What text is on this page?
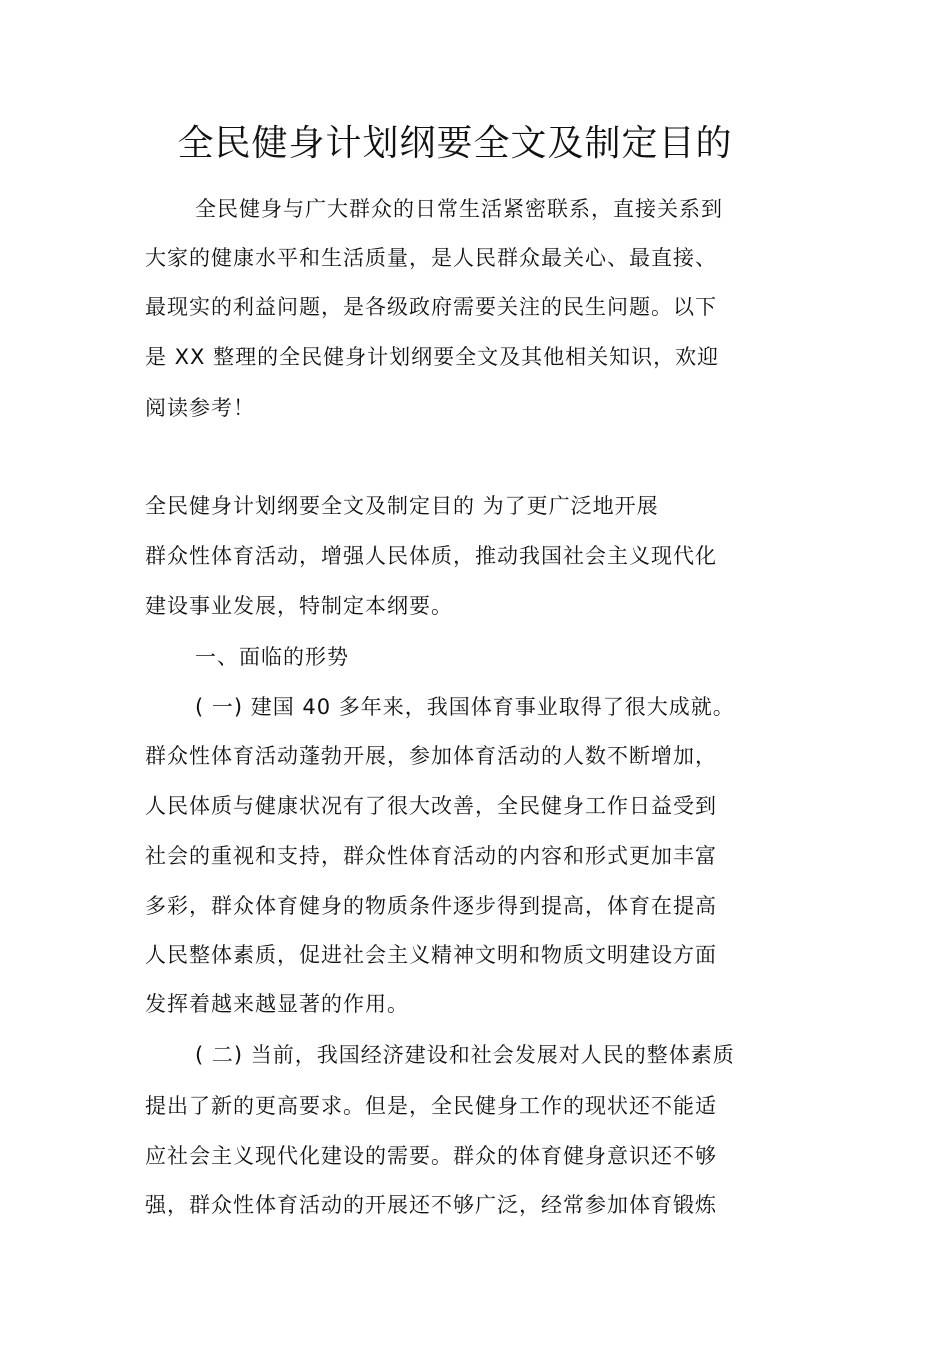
全民健身计划纲要全文及制定目的
全民健身与广大群众的日常生活紧密联系，直接关系到
大家的健康水平和生活质量，是人民群众最关心、最直接、
最现实的利益问题，是各级政府需要关注的民生问题。以下
是 XX 整理的全民健身计划纲要全文及其他相关知识，欢迎
阅读参考！
全民健身计划纲要全文及制定目的 为了更广泛地开展
群众性体育活动，增强人民体质，推动我国社会主义现代化
建设事业发展，特制定本纲要。
一、面临的形势
( 一) 建国 40 多年来，我国体育事业取得了很大成就。
群众性体育活动蓬勃开展，参加体育活动的人数不断增加，
人民体质与健康状况有了很大改善，全民健身工作日益受到
社会的重视和支持，群众性体育活动的内容和形式更加丰富
多彩，群众体育健身的物质条件逐步得到提高，体育在提高
人民整体素质，促进社会主义精神文明和物质文明建设方面
发挥着越来越显著的作用。
( 二) 当前，我国经济建设和社会发展对人民的整体素质
提出了新的更高要求。但是，全民健身工作的现状还不能适
应社会主义现代化建设的需要。群众的体育健身意识还不够
强，群众性体育活动的开展还不够广泛，经常参加体育锻炼
